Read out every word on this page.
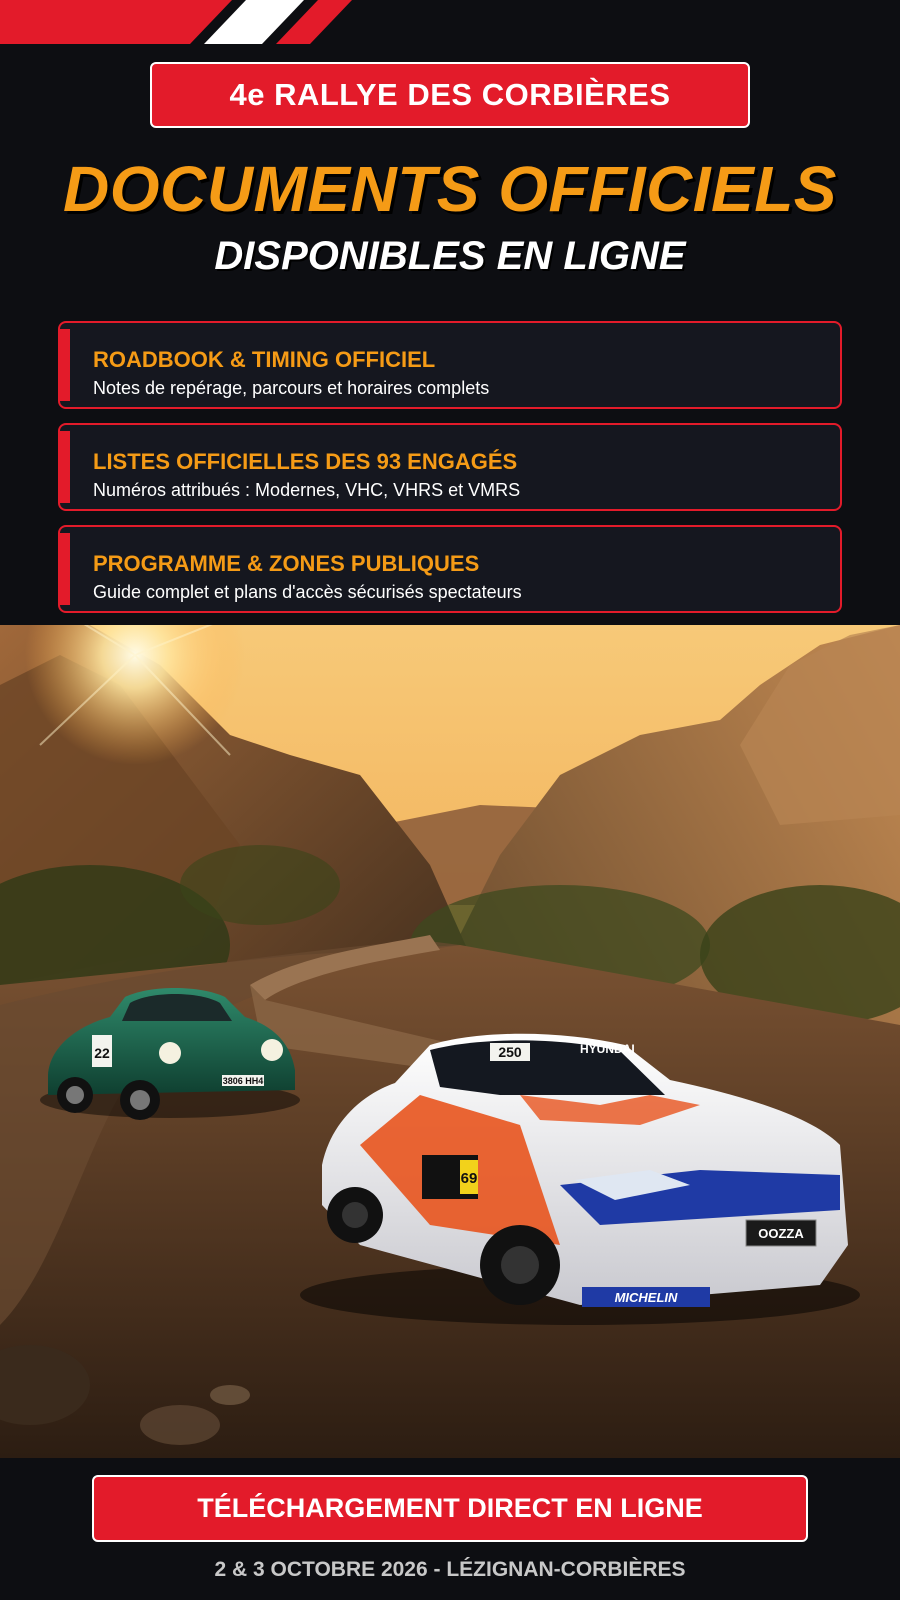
4e RALLYE DES CORBIÈRES
DOCUMENTS OFFICIELS
DISPONIBLES EN LIGNE
ROADBOOK & TIMING OFFICIEL
Notes de repérage, parcours et horaires complets
LISTES OFFICIELLES DES 93 ENGAGÉS
Numéros attribués : Modernes, VHC, VHRS et VMRS
PROGRAMME & ZONES PUBLIQUES
Guide complet et plans d'accès sécurisés spectateurs
22
3806 HH4
250	HYUNDAI
69
OOZZA
MICHELIN
TÉLÉCHARGEMENT DIRECT EN LIGNE
2 & 3 OCTOBRE 2026 - LÉZIGNAN-CORBIÈRES
